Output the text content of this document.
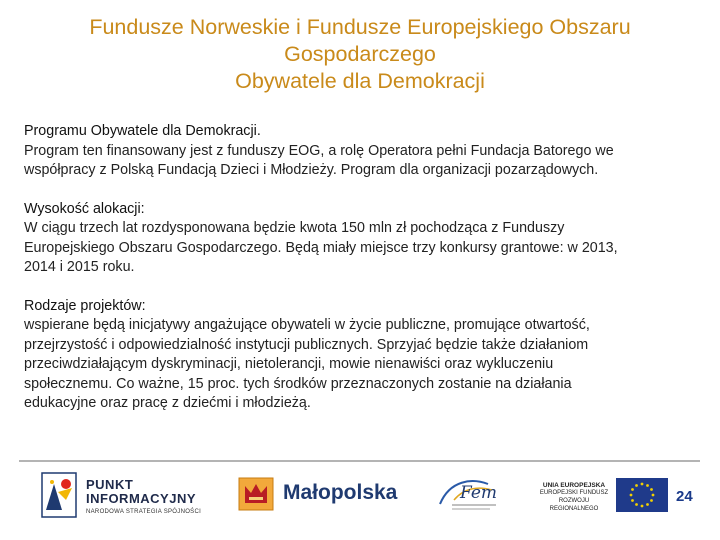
Fundusze Norweskie i Fundusze Europejskiego Obszaru
Gospodarczego
Obywatele dla Demokracji
Programu Obywatele dla Demokracji.
Program ten finansowany jest z funduszy EOG, a rolę Operatora pełni Fundacja Batorego we
współpracy z Polską Fundacją Dzieci i Młodzieży. Program dla organizacji pozarządowych.
Wysokość alokacji:
W ciągu trzech lat rozdysponowana będzie kwota 150 mln zł pochodząca z Funduszy
Europejskiego Obszaru Gospodarczego. Będą miały miejsce trzy konkursy grantowe: w 2013,
2014 i 2015 roku.
Rodzaje projektów:
wspierane będą inicjatywy angażujące obywateli w życie publiczne, promujące otwartość,
przejrzystość i odpowiedzialność instytucji publicznych. Sprzyjać będzie także działaniom
przeciwdziałającym dyskryminacji, nietolerancji, mowie nienawiści oraz wykluczeniu
społecznemu. Co ważne, 15 proc. tych środków przeznaczonych zostanie na działania
edukacyjne oraz pracę z dziećmi i młodzieżą.
PUNKT
INFORMACYJNY
NARODOWA STRATEGIA SPÓJNOŚCI
Małopolska	Fem	UNIA EUROPEJSKA
EUROPEJSKI FUNDUSZ
ROZWOJU REGIONALNEGO
24
